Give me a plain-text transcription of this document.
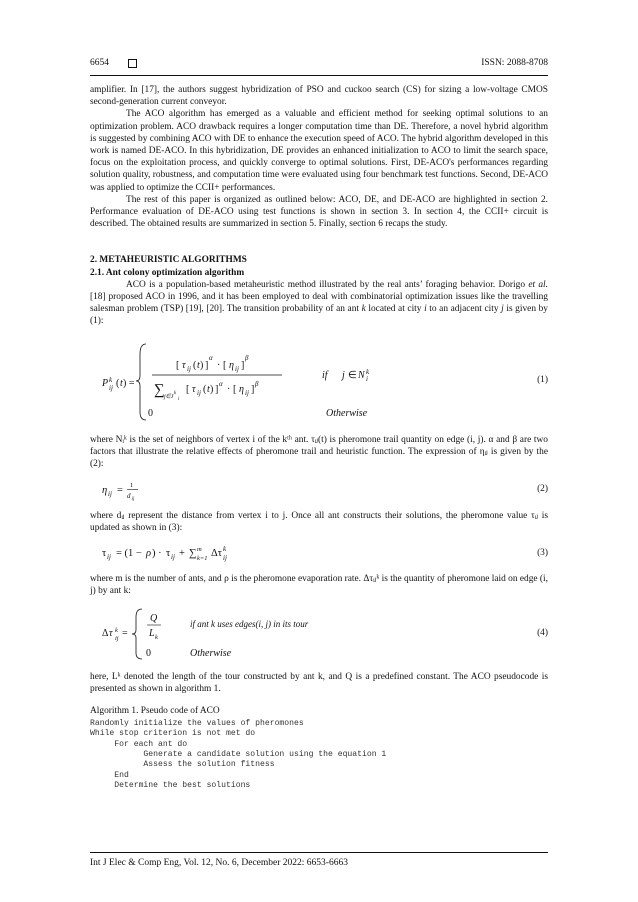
6654	ISSN: 2088-8708

amplifier. In [17], the authors suggest hybridization of PSO and cuckoo search (CS) for sizing a low-voltage CMOS second-generation current conveyor.

The ACO algorithm has emerged as a valuable and efficient method for seeking optimal solutions to an optimization problem. ACO drawback requires a longer computation time than DE. Therefore, a novel hybrid algorithm is suggested by combining ACO with DE to enhance the execution speed of ACO. The hybrid algorithm developed in this work is named DE-ACO. In this hybridization, DE provides an enhanced initialization to ACO to limit the search space, focus on the exploitation process, and quickly converge to optimal solutions. First, DE-ACO's performances regarding solution quality, robustness, and computation time were evaluated using four benchmark test functions. Second, DE-ACO was applied to optimize the CCII+ performances.

The rest of this paper is organized as outlined below: ACO, DE, and DE-ACO are highlighted in section 2. Performance evaluation of DE-ACO using test functions is shown in section 3. In section 4, the CCII+ circuit is described. The obtained results are summarized in section 5. Finally, section 6 recaps the study.

2. METAHEURISTIC ALGORITHMS
2.1. Ant colony optimization algorithm

ACO is a population-based metaheuristic method illustrated by the real ants’ foraging behavior. Dorigo et al. [18] proposed ACO in 1996, and it has been employed to deal with combinatorial optimization issues like the travelling salesman problem (TSP) [19], [20]. The transition probability of an ant k located at city i to an adjacent city j is given by (1):

P k
ij ( t ) =
[ τ ij ( t ) ]
α
· [ η ij ]
β
∑ j∈J
k
i
[ τ ij ( t ) ] α · [ η ij ] β
if j ∈ N k
i
0	Otherwise
(1)

where Nᵢᵏ is the set of neighbors of vertex i of the kᵗʰ ant. τᵢⱼ(t) is pheromone trail quantity on edge (i, j). α and β are two factors that illustrate the relative effects of pheromone trail and heuristic function. The expression of ηᵢⱼ is given by the (2):

η ij = 1
d ij
(2)

where dᵢⱼ represent the distance from vertex i to j. Once all ant constructs their solutions, the pheromone value τᵢⱼ is updated as shown in (3):

τ ij = (1 − ρ ) · τ ij + ∑ m
k=1 Δτ k
ij
(3)

where m is the number of ants, and ρ is the pheromone evaporation rate. Δτᵢⱼᵏ is the quantity of pheromone laid on edge (i, j) by ant k:

Δ τ k
ij =
Q
L k
if ant k uses edges(i, j) in its tour
0	Otherwise
(4)

here, Lᵏ denoted the length of the tour constructed by ant k, and Q is a predefined constant. The ACO pseudocode is presented as shown in algorithm 1.

Algorithm 1. Pseudo code of ACO
Randomly initialize the values of pheromones
While stop criterion is not met do
For each ant do
Generate a candidate solution using the equation 1
Assess the solution fitness
End
Determine the best solutions
Int J Elec & Comp Eng, Vol. 12, No. 6, December 2022: 6653-6663
